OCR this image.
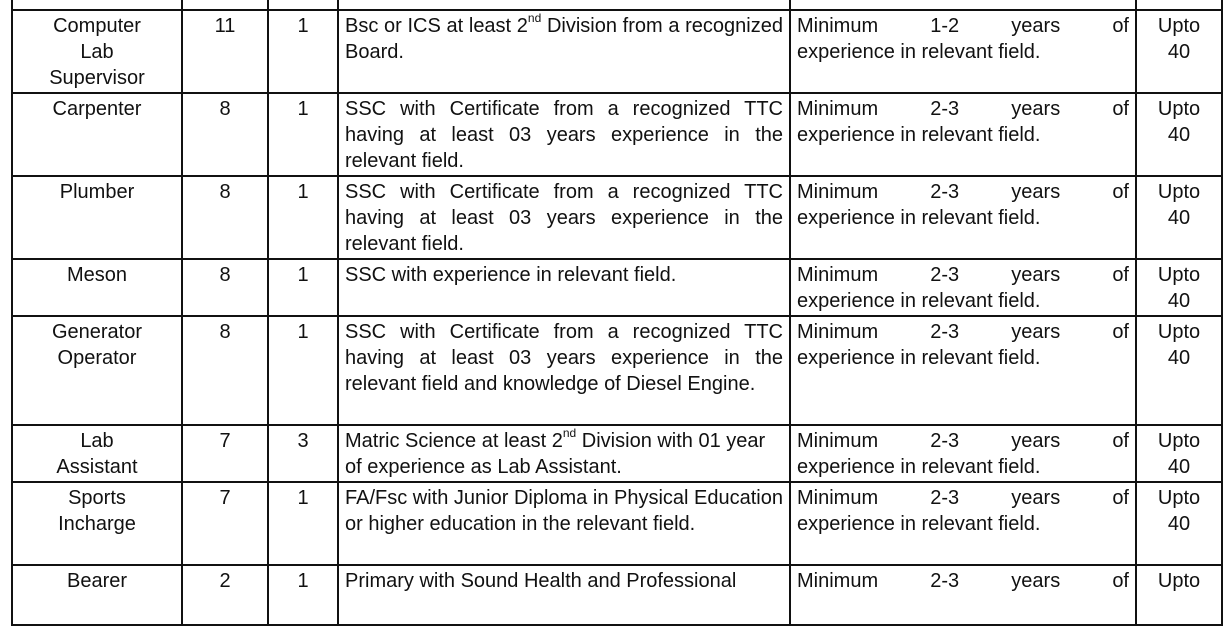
Computer Lab Supervisor	11	1	Bsc or ICS at least 2nd Division from a recognized Board.	Minimum 1-2 years of
experience in relevant field.	Upto 40

Carpenter	8	1	SSC with Certificate from a recognized TTC having at least 03 years experience in the relevant field.	Minimum 2-3 years of
experience in relevant field.	Upto 40

Plumber	8	1	SSC with Certificate from a recognized TTC having at least 03 years experience in the relevant field.	Minimum 2-3 years of
experience in relevant field.	Upto 40

Meson	8	1	SSC with experience in relevant field.	Minimum 2-3 years of
experience in relevant field.	Upto 40

Generator Operator	8	1	SSC with Certificate from a recognized TTC having at least 03 years experience in the relevant field and knowledge of Diesel Engine.	Minimum 2-3 years of
experience in relevant field.	Upto 40

Lab Assistant	7	3	Matric Science at least 2nd Division with 01 year of experience as Lab Assistant.	Minimum 2-3 years of
experience in relevant field.	Upto 40

Sports Incharge	7	1	FA/Fsc with Junior Diploma in Physical Education or higher education in the relevant field.	Minimum 2-3 years of
experience in relevant field.	Upto 40

Bearer	2	1	Primary with Sound Health and Professional	Minimum 2-3 years of	Upto
